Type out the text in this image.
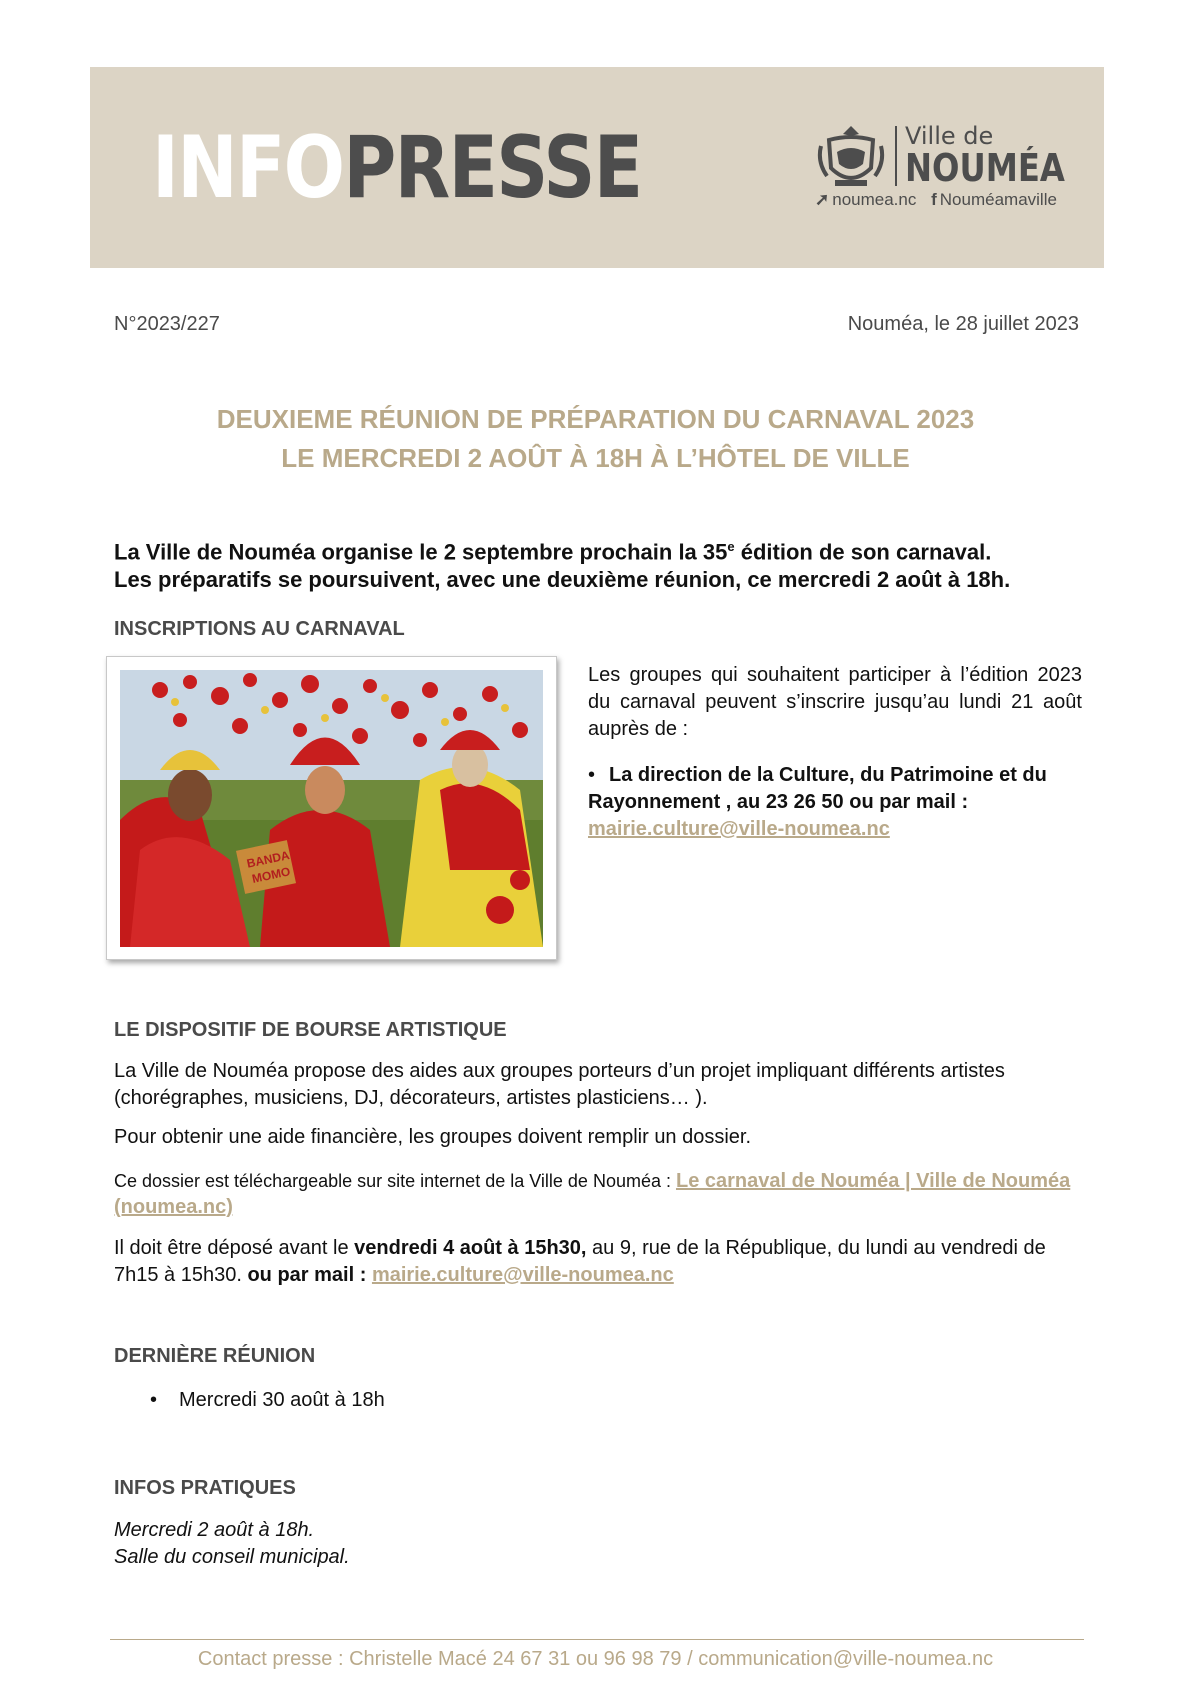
INFOPRESSE	Ville de
NOUMÉA
➚ noumea.nc f Nouméamaville
N°2023/227	Nouméa, le 28 juillet 2023
DEUXIEME RÉUNION DE PRÉPARATION DU CARNAVAL 2023
LE MERCREDI 2 AOÛT À 18H À L’HÔTEL DE VILLE
La Ville de Nouméa organise le 2 septembre prochain la 35e édition de son carnaval.
Les préparatifs se poursuivent, avec une deuxième réunion, ce mercredi 2 août à 18h.
INSCRIPTIONS AU CARNAVAL
BANDA
MOMO
Les groupes qui souhaitent participer à l’édition 2023 du carnaval peuvent s’inscrire jusqu’au lundi 21 août auprès de :
• La direction de la Culture, du Patrimoine et du Rayonnement , au 23 26 50 ou par mail :
mairie.culture@ville-noumea.nc
LE DISPOSITIF DE BOURSE ARTISTIQUE
La Ville de Nouméa propose des aides aux groupes porteurs d’un projet impliquant différents artistes (chorégraphes, musiciens, DJ, décorateurs, artistes plasticiens… ).
Pour obtenir une aide financière, les groupes doivent remplir un dossier.
Ce dossier est téléchargeable sur site internet de la Ville de Nouméa : Le carnaval de Nouméa | Ville de Nouméa (noumea.nc)
Il doit être déposé avant le vendredi 4 août à 15h30, au 9, rue de la République, du lundi au vendredi de 7h15 à 15h30. ou par mail : mairie.culture@ville-noumea.nc
DERNIÈRE RÉUNION
• Mercredi 30 août à 18h
INFOS PRATIQUES
Mercredi 2 août à 18h.
Salle du conseil municipal.
Contact presse : Christelle Macé 24 67 31 ou 96 98 79 / communication@ville-noumea.nc
